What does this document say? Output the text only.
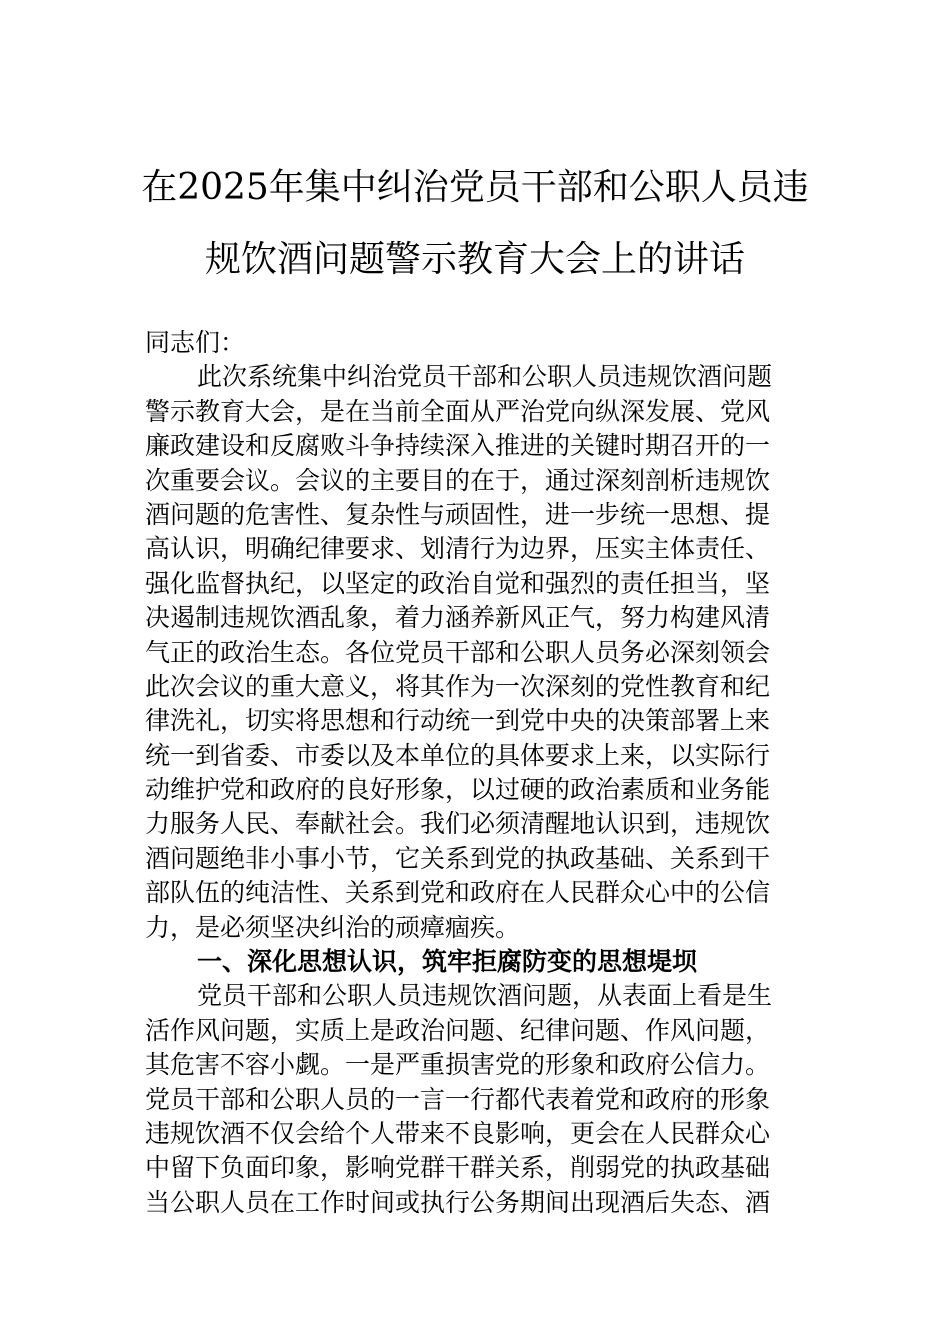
在2025年集中纠治党员干部和公职人员违
规饮酒问题警示教育大会上的讲话
同志们：
此次系统集中纠治党员干部和公职人员违规饮酒问题
警示教育大会，是在当前全面从严治党向纵深发展、党风
廉政建设和反腐败斗争持续深入推进的关键时期召开的一
次重要会议。会议的主要目的在于，通过深刻剖析违规饮
酒问题的危害性、复杂性与顽固性，进一步统一思想、提
高认识，明确纪律要求、划清行为边界，压实主体责任、
强化监督执纪，以坚定的政治自觉和强烈的责任担当，坚
决遏制违规饮酒乱象，着力涵养新风正气，努力构建风清
气正的政治生态。各位党员干部和公职人员务必深刻领会
此次会议的重大意义，将其作为一次深刻的党性教育和纪
律洗礼，切实将思想和行动统一到党中央的决策部署上来
统一到省委、市委以及本单位的具体要求上来，以实际行
动维护党和政府的良好形象，以过硬的政治素质和业务能
力服务人民、奉献社会。我们必须清醒地认识到，违规饮
酒问题绝非小事小节，它关系到党的执政基础、关系到干
部队伍的纯洁性、关系到党和政府在人民群众心中的公信
力，是必须坚决纠治的顽瘴痼疾。
一、深化思想认识，筑牢拒腐防变的思想堤坝
党员干部和公职人员违规饮酒问题，从表面上看是生
活作风问题，实质上是政治问题、纪律问题、作风问题，
其危害不容小觑。一是严重损害党的形象和政府公信力。
党员干部和公职人员的一言一行都代表着党和政府的形象
违规饮酒不仅会给个人带来不良影响，更会在人民群众心
中留下负面印象，影响党群干群关系，削弱党的执政基础
当公职人员在工作时间或执行公务期间出现酒后失态、酒
